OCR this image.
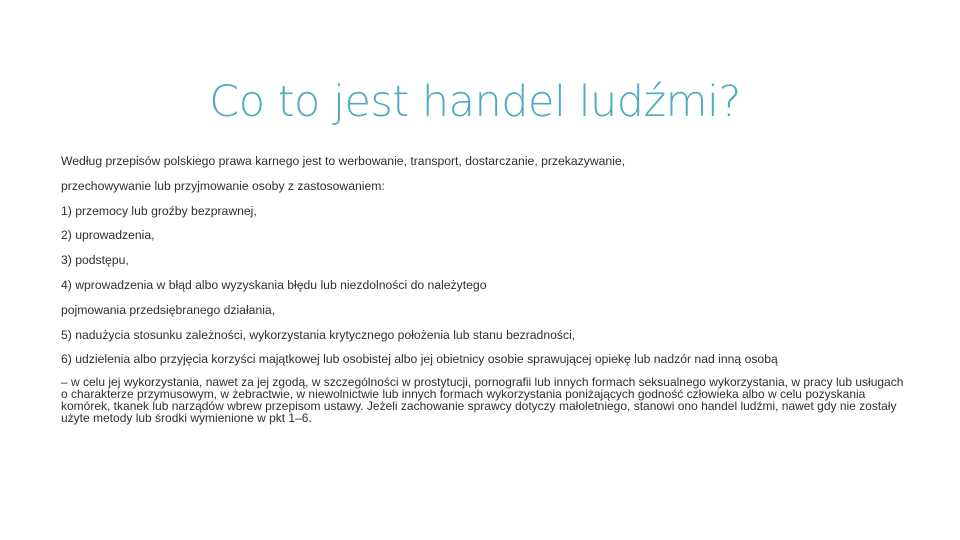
Co to jest handel ludźmi?

Według przepisów polskiego prawa karnego jest to werbowanie, transport, dostarczanie, przekazywanie,

przechowywanie lub przyjmowanie osoby z zastosowaniem:

1) przemocy lub groźby bezprawnej,

2) uprowadzenia,

3) podstępu,

4) wprowadzenia w błąd albo wyzyskania błędu lub niezdolności do należytego

pojmowania przedsiębranego działania,

5) nadużycia stosunku zależności, wykorzystania krytycznego położenia lub stanu bezradności,

6) udzielenia albo przyjęcia korzyści majątkowej lub osobistej albo jej obietnicy osobie sprawującej opiekę lub nadzór nad inną osobą

– w celu jej wykorzystania, nawet za jej zgodą, w szczególności w prostytucji, pornografii lub innych formach seksualnego wykorzystania, w pracy lub usługach o charakterze przymusowym, w żebractwie, w niewolnictwie lub innych formach wykorzystania poniżających godność człowieka albo w celu pozyskania komórek, tkanek lub narządów wbrew przepisom ustawy. Jeżeli zachowanie sprawcy dotyczy małoletniego, stanowi ono handel ludźmi, nawet gdy nie zostały użyte metody lub środki wymienione w pkt 1–6.
